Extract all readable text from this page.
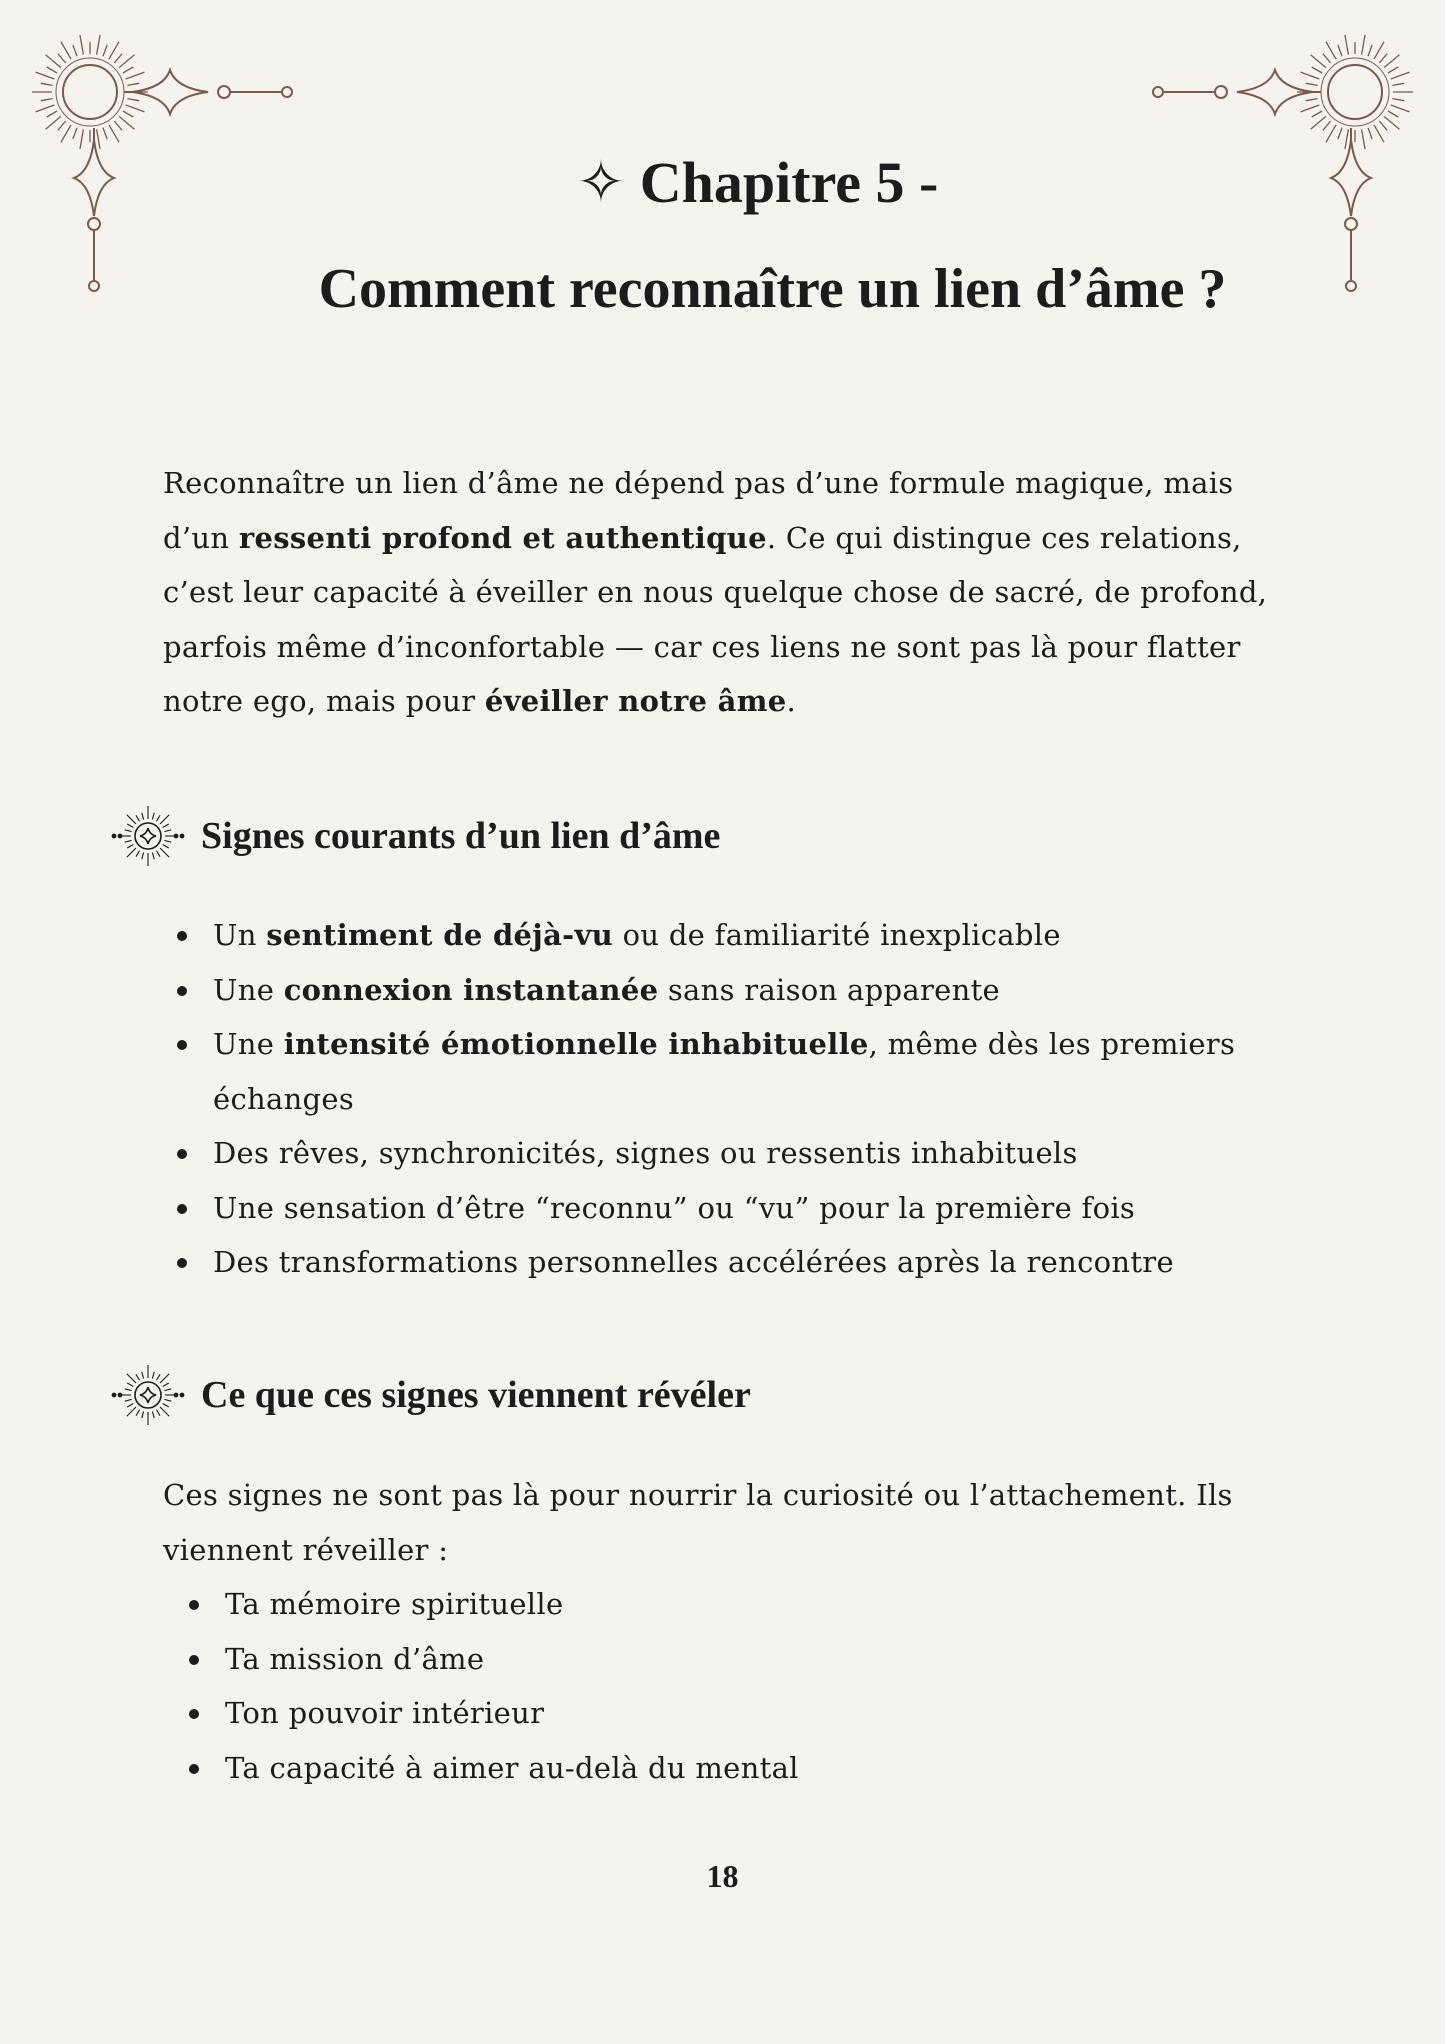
✧ Chapitre 5 -
Comment reconnaître un lien d’âme ?

Reconnaître un lien d’âme ne dépend pas d’une formule magique, mais d’un ressenti profond et authentique. Ce qui distingue ces relations, c’est leur capacité à éveiller en nous quelque chose de sacré, de profond, parfois même d’inconfortable — car ces liens ne sont pas là pour flatter notre ego, mais pour éveiller notre âme.

Signes courants d’un lien d’âme
Un sentiment de déjà-vu ou de familiarité inexplicable
Une connexion instantanée sans raison apparente
Une intensité émotionnelle inhabituelle, même dès les premiers échanges
Des rêves, synchronicités, signes ou ressentis inhabituels
Une sensation d’être “reconnu” ou “vu” pour la première fois
Des transformations personnelles accélérées après la rencontre
Ce que ces signes viennent révéler

Ces signes ne sont pas là pour nourrir la curiosité ou l’attachement. Ils viennent réveiller :

Ta mémoire spirituelle
Ta mission d’âme
Ton pouvoir intérieur
Ta capacité à aimer au-delà du mental
18
